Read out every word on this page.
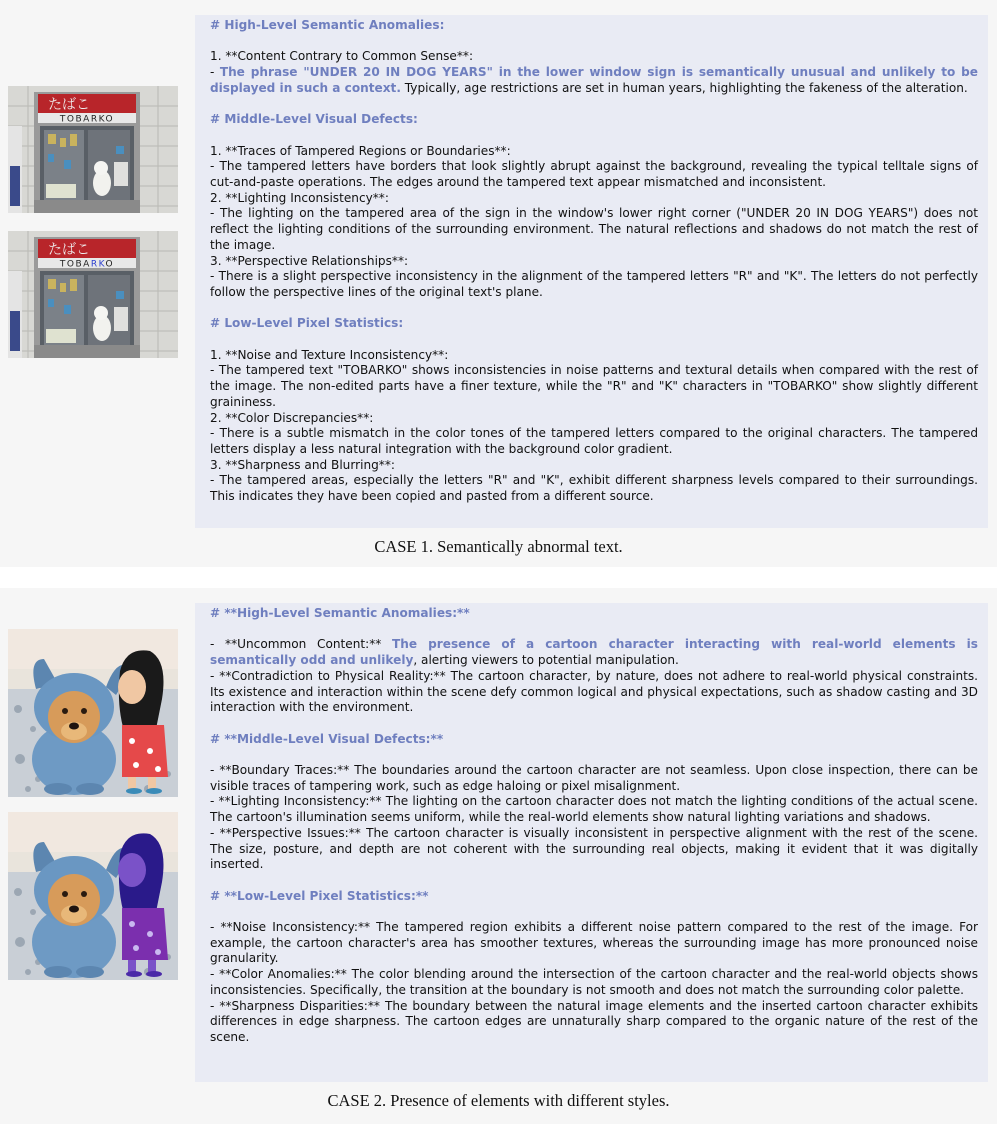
たばこ
TOBARKO
たばこ
TOBARKO

# High-Level Semantic Anomalies:

1. **Content Contrary to Common Sense**:

- The phrase "UNDER 20 IN DOG YEARS" in the lower window sign is semantically unusual and unlikely to be displayed in such a context. Typically, age restrictions are set in human years, highlighting the fakeness of the alteration.

# Middle-Level Visual Defects:

1. **Traces of Tampered Regions or Boundaries**:

- The tampered letters have borders that look slightly abrupt against the background, revealing the typical telltale signs of cut-and-paste operations. The edges around the tampered text appear mismatched and inconsistent.

2. **Lighting Inconsistency**:

- The lighting on the tampered area of the sign in the window's lower right corner ("UNDER 20 IN DOG YEARS") does not reflect the lighting conditions of the surrounding environment. The natural reflections and shadows do not match the rest of the image.

3. **Perspective Relationships**:

- There is a slight perspective inconsistency in the alignment of the tampered letters "R" and "K". The letters do not perfectly follow the perspective lines of the original text's plane.

# Low-Level Pixel Statistics:

1. **Noise and Texture Inconsistency**:

- The tampered text "TOBARKO" shows inconsistencies in noise patterns and textural details when compared with the rest of the image. The non-edited parts have a finer texture, while the "R" and "K" characters in "TOBARKO" show slightly different graininess.

2. **Color Discrepancies**:

- There is a subtle mismatch in the color tones of the tampered letters compared to the original characters. The tampered letters display a less natural integration with the background color gradient.

3. **Sharpness and Blurring**:

- The tampered areas, especially the letters "R" and "K", exhibit different sharpness levels compared to their surroundings. This indicates they have been copied and pasted from a different source.

CASE 1. Semantically abnormal text.

# **High-Level Semantic Anomalies:**

- **Uncommon Content:** The presence of a cartoon character interacting with real-world elements is semantically odd and unlikely, alerting viewers to potential manipulation.

- **Contradiction to Physical Reality:** The cartoon character, by nature, does not adhere to real-world physical constraints. Its existence and interaction within the scene defy common logical and physical expectations, such as shadow casting and 3D interaction with the environment.

# **Middle-Level Visual Defects:**

- **Boundary Traces:** The boundaries around the cartoon character are not seamless. Upon close inspection, there can be visible traces of tampering work, such as edge haloing or pixel misalignment.

- **Lighting Inconsistency:** The lighting on the cartoon character does not match the lighting conditions of the actual scene. The cartoon's illumination seems uniform, while the real-world elements show natural lighting variations and shadows.

- **Perspective Issues:** The cartoon character is visually inconsistent in perspective alignment with the rest of the scene. The size, posture, and depth are not coherent with the surrounding real objects, making it evident that it was digitally inserted.

# **Low-Level Pixel Statistics:**

- **Noise Inconsistency:** The tampered region exhibits a different noise pattern compared to the rest of the image. For example, the cartoon character's area has smoother textures, whereas the surrounding image has more pronounced noise granularity.

- **Color Anomalies:** The color blending around the intersection of the cartoon character and the real-world objects shows inconsistencies. Specifically, the transition at the boundary is not smooth and does not match the surrounding color palette.

- **Sharpness Disparities:** The boundary between the natural image elements and the inserted cartoon character exhibits differences in edge sharpness. The cartoon edges are unnaturally sharp compared to the organic nature of the rest of the scene.

CASE 2. Presence of elements with different styles.
